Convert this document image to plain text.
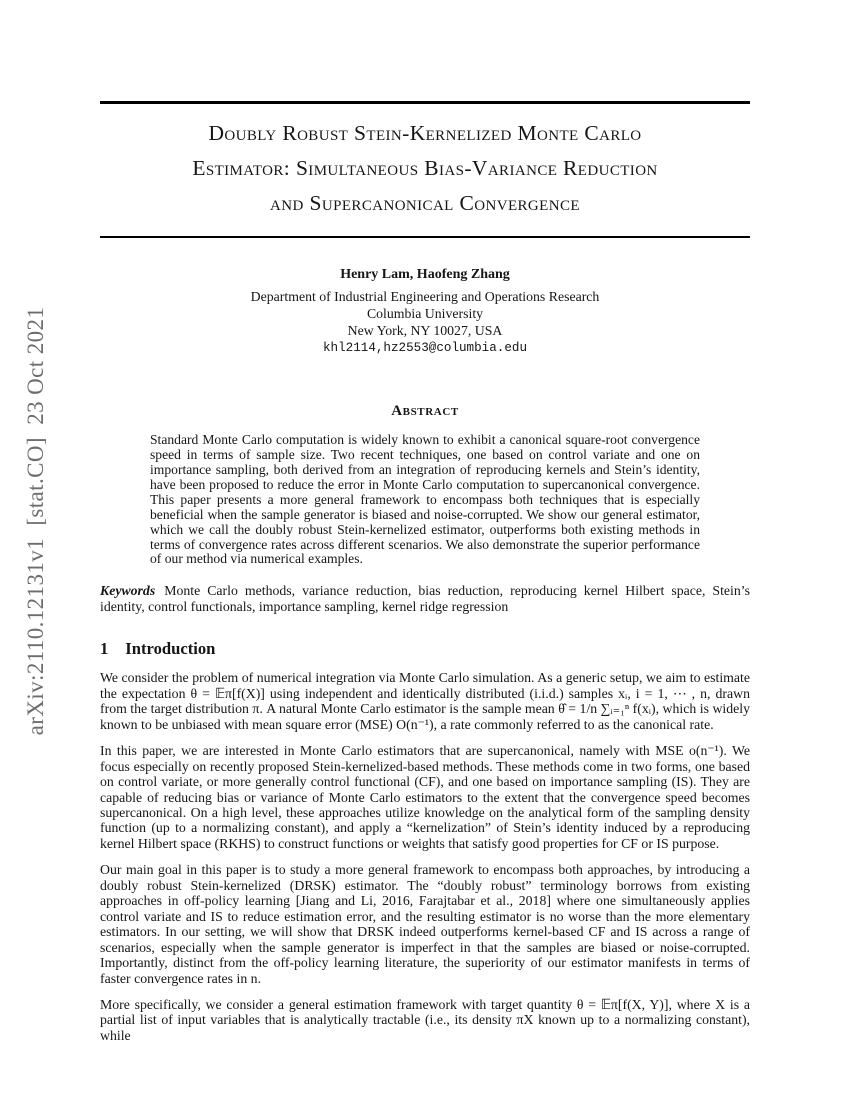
arXiv:2110.12131v1  [stat.CO]  23 Oct 2021
Doubly Robust Stein-Kernelized Monte Carlo
Estimator: Simultaneous Bias-Variance Reduction
and Supercanonical Convergence
Henry Lam, Haofeng Zhang
Department of Industrial Engineering and Operations Research
Columbia University
New York, NY 10027, USA
khl2114,hz2553@columbia.edu
Abstract

Standard Monte Carlo computation is widely known to exhibit a canonical square-root convergence speed in terms of sample size. Two recent techniques, one based on control variate and one on importance sampling, both derived from an integration of reproducing kernels and Stein’s identity, have been proposed to reduce the error in Monte Carlo computation to supercanonical convergence. This paper presents a more general framework to encompass both techniques that is especially beneficial when the sample generator is biased and noise-corrupted. We show our general estimator, which we call the doubly robust Stein-kernelized estimator, outperforms both existing methods in terms of convergence rates across different scenarios. We also demonstrate the superior performance of our method via numerical examples.

Keywords Monte Carlo methods, variance reduction, bias reduction, reproducing kernel Hilbert space, Stein’s identity, control functionals, importance sampling, kernel ridge regression

1 Introduction

We consider the problem of numerical integration via Monte Carlo simulation. As a generic setup, we aim to estimate the expectation θ = 𝔼π[f(X)] using independent and identically distributed (i.i.d.) samples xᵢ, i = 1, ⋯ , n, drawn from the target distribution π. A natural Monte Carlo estimator is the sample mean θ̂ = 1/n ∑ᵢ₌₁ⁿ f(xᵢ), which is widely known to be unbiased with mean square error (MSE) O(n⁻¹), a rate commonly referred to as the canonical rate.

In this paper, we are interested in Monte Carlo estimators that are supercanonical, namely with MSE o(n⁻¹). We focus especially on recently proposed Stein-kernelized-based methods. These methods come in two forms, one based on control variate, or more generally control functional (CF), and one based on importance sampling (IS). They are capable of reducing bias or variance of Monte Carlo estimators to the extent that the convergence speed becomes supercanonical. On a high level, these approaches utilize knowledge on the analytical form of the sampling density function (up to a normalizing constant), and apply a “kernelization” of Stein’s identity induced by a reproducing kernel Hilbert space (RKHS) to construct functions or weights that satisfy good properties for CF or IS purpose.

Our main goal in this paper is to study a more general framework to encompass both approaches, by introducing a doubly robust Stein-kernelized (DRSK) estimator. The “doubly robust” terminology borrows from existing approaches in off-policy learning [Jiang and Li, 2016, Farajtabar et al., 2018] where one simultaneously applies control variate and IS to reduce estimation error, and the resulting estimator is no worse than the more elementary estimators. In our setting, we will show that DRSK indeed outperforms kernel-based CF and IS across a range of scenarios, especially when the sample generator is imperfect in that the samples are biased or noise-corrupted. Importantly, distinct from the off-policy learning literature, the superiority of our estimator manifests in terms of faster convergence rates in n.

More specifically, we consider a general estimation framework with target quantity θ = 𝔼π[f(X, Y)], where X is a partial list of input variables that is analytically tractable (i.e., its density πX known up to a normalizing constant), while
